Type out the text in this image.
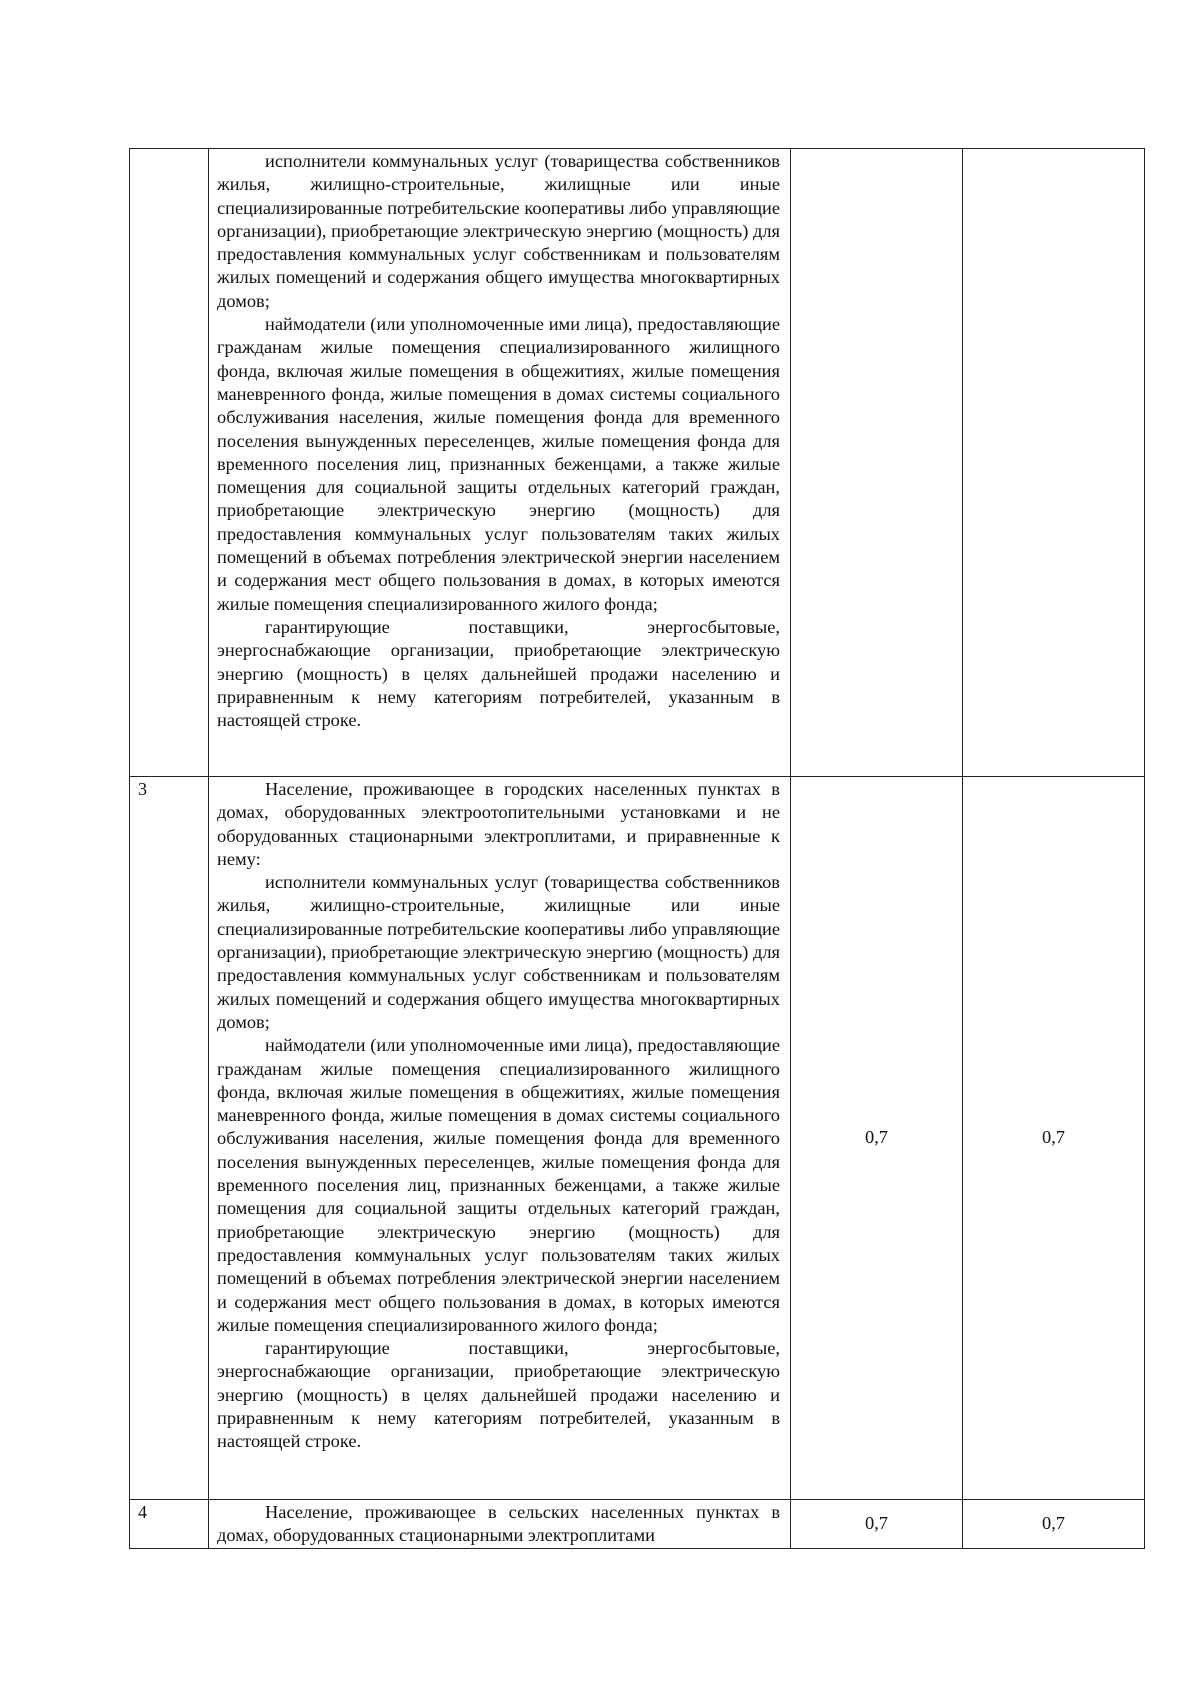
	исполнители коммунальных услуг (товарищества собственников жилья, жилищно-строительные, жилищные или иные специализированные потребительские кооперативы либо управляющие организации), приобретающие электрическую энергию (мощность) для предоставления коммунальных услуг собственникам и пользователям жилых помещений и содержания общего имущества многоквартирных домов;

наймодатели (или уполномоченные ими лица), предоставляющие гражданам жилые помещения специализированного жилищного фонда, включая жилые помещения в общежитиях, жилые помещения маневренного фонда, жилые помещения в домах системы социального обслуживания населения, жилые помещения фонда для временного поселения вынужденных переселенцев, жилые помещения фонда для временного поселения лиц, признанных беженцами, а также жилые помещения для социальной защиты отдельных категорий граждан, приобретающие электрическую энергию (мощность) для предоставления коммунальных услуг пользователям таких жилых помещений в объемах потребления электрической энергии населением и содержания мест общего пользования в домах, в которых имеются жилые помещения специализированного жилого фонда;

гарантирующие поставщики, энергосбытовые, энергоснабжающие организации, приобретающие электрическую энергию (мощность) в целях дальнейшей продажи населению и приравненным к нему категориям потребителей, указанным в настоящей строке.		

3	Население, проживающее в городских населенных пунктах в домах, оборудованных электроотопительными установками и не оборудованных стационарными электроплитами, и приравненные к нему:

исполнители коммунальных услуг (товарищества собственников жилья, жилищно-строительные, жилищные или иные специализированные потребительские кооперативы либо управляющие организации), приобретающие электрическую энергию (мощность) для предоставления коммунальных услуг собственникам и пользователям жилых помещений и содержания общего имущества многоквартирных домов;

наймодатели (или уполномоченные ими лица), предоставляющие гражданам жилые помещения специализированного жилищного фонда, включая жилые помещения в общежитиях, жилые помещения маневренного фонда, жилые помещения в домах системы социального обслуживания населения, жилые помещения фонда для временного поселения вынужденных переселенцев, жилые помещения фонда для временного поселения лиц, признанных беженцами, а также жилые помещения для социальной защиты отдельных категорий граждан, приобретающие электрическую энергию (мощность) для предоставления коммунальных услуг пользователям таких жилых помещений в объемах потребления электрической энергии населением и содержания мест общего пользования в домах, в которых имеются жилые помещения специализированного жилого фонда;

гарантирующие поставщики, энергосбытовые, энергоснабжающие организации, приобретающие электрическую энергию (мощность) в целях дальнейшей продажи населению и приравненным к нему категориям потребителей, указанным в настоящей строке.	0,7	0,7
4	Население, проживающее в сельских населенных пунктах в домах, оборудованных стационарными электроплитами	0,7	0,7
